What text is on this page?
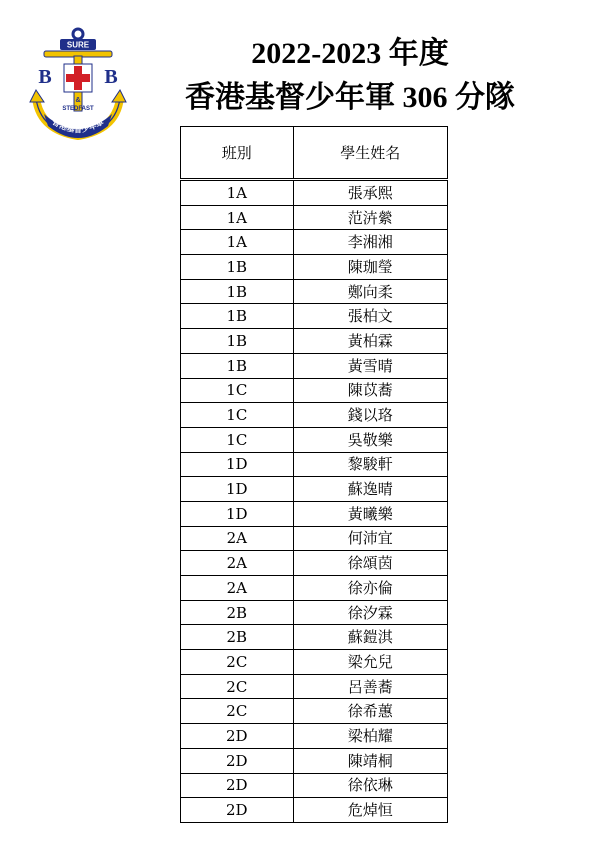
SURE
B	B
&
STEDFAST
香港基督少年軍
2022-2023 年度
香港基督少年軍 306 分隊
班別	學生姓名
1A	張承熙
1A	范泋縈
1A	李湘湘
1B	陳珈瑩
1B	鄭向柔
1B	張柏文
1B	黃柏霖
1B	黃雪晴
1C	陳苡蕎
1C	錢以珞
1C	吳敬樂
1D	黎駿軒
1D	蘇逸晴
1D	黃曦樂
2A	何沛宜
2A	徐頌茵
2A	徐亦倫
2B	徐汐霖
2B	蘇鎧淇
2C	梁允兒
2C	呂善蕎
2C	徐希蕙
2D	梁柏耀
2D	陳靖桐
2D	徐依琳
2D	危焯恒
